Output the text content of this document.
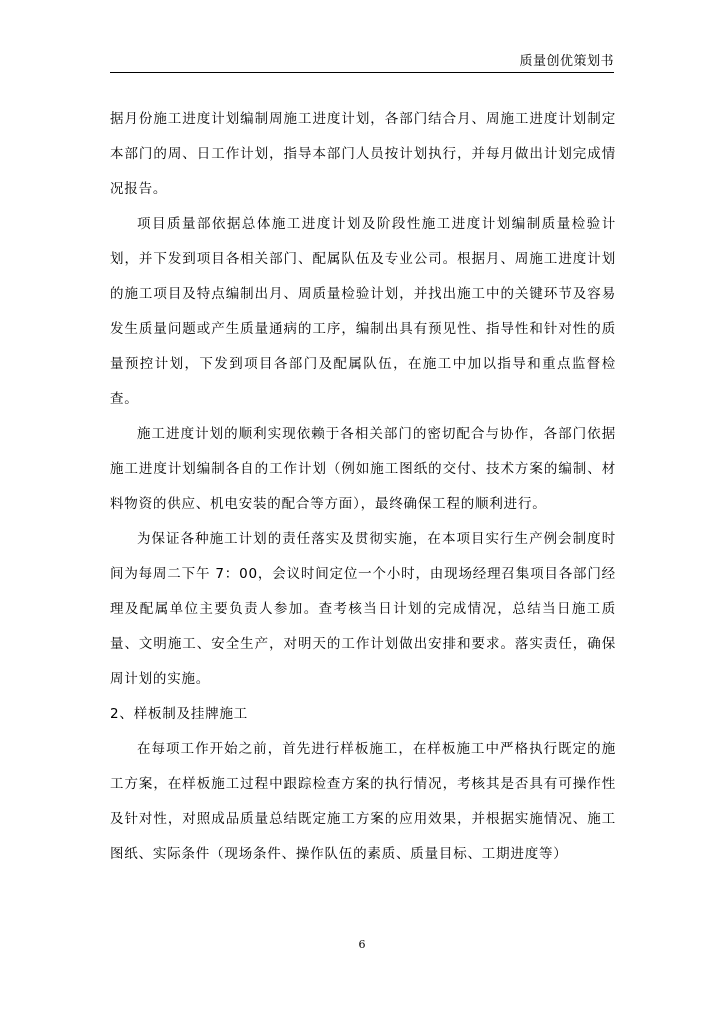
质量创优策划书

据月份施工进度计划编制周施工进度计划，各部门结合月、周施工进度计划制定本部门的周、日工作计划，指导本部门人员按计划执行，并每月做出计划完成情况报告。

项目质量部依据总体施工进度计划及阶段性施工进度计划编制质量检验计划，并下发到项目各相关部门、配属队伍及专业公司。根据月、周施工进度计划的施工项目及特点编制出月、周质量检验计划，并找出施工中的关键环节及容易发生质量问题或产生质量通病的工序，编制出具有预见性、指导性和针对性的质量预控计划，下发到项目各部门及配属队伍，在施工中加以指导和重点监督检查。

施工进度计划的顺利实现依赖于各相关部门的密切配合与协作，各部门依据施工进度计划编制各自的工作计划（例如施工图纸的交付、技术方案的编制、材料物资的供应、机电安装的配合等方面），最终确保工程的顺利进行。

为保证各种施工计划的责任落实及贯彻实施，在本项目实行生产例会制度时间为每周二下午 7：00，会议时间定位一个小时，由现场经理召集项目各部门经理及配属单位主要负责人参加。查考核当日计划的完成情况，总结当日施工质量、文明施工、安全生产，对明天的工作计划做出安排和要求。落实责任，确保周计划的实施。

2、样板制及挂牌施工

在每项工作开始之前，首先进行样板施工，在样板施工中严格执行既定的施工方案，在样板施工过程中跟踪检查方案的执行情况，考核其是否具有可操作性及针对性，对照成品质量总结既定施工方案的应用效果，并根据实施情况、施工图纸、实际条件（现场条件、操作队伍的素质、质量目标、工期进度等）

6
